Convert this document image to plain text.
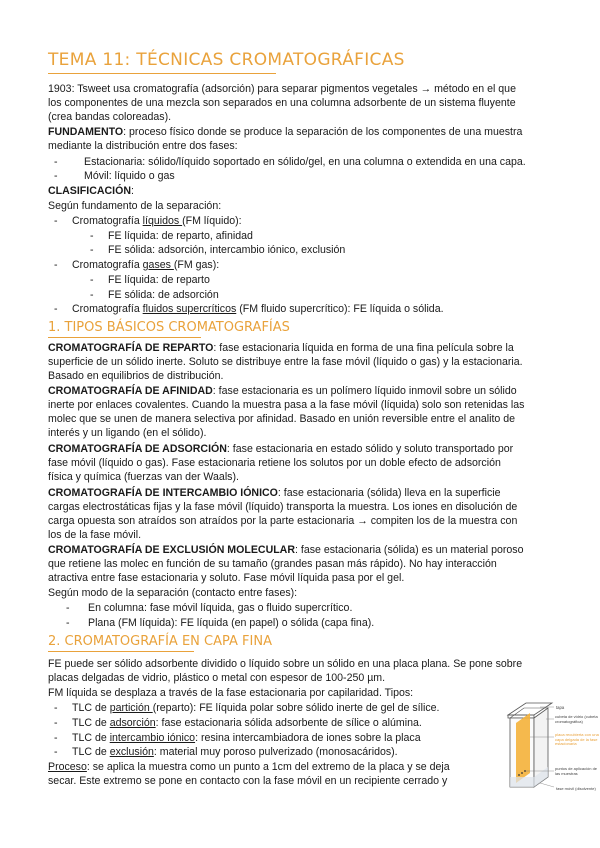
TEMA 11: TÉCNICAS CROMATOGRÁFICAS
1903: Tsweet usa cromatografía (adsorción) para separar pigmentos vegetales → método en el que
los componentes de una mezcla son separados en una columna adsorbente de un sistema fluyente
(crea bandas coloreadas).
FUNDAMENTO: proceso físico donde se produce la separación de los componentes de una muestra
mediante la distribución entre dos fases:
- Estacionaria: sólido/líquido soportado en sólido/gel, en una columna o extendida en una capa.
- Móvil: líquido o gas
CLASIFICACIÓN:
Según fundamento de la separación:
- Cromatografía líquidos (FM líquido):
- FE líquida: de reparto, afinidad
- FE sólida: adsorción, intercambio iónico, exclusión
- Cromatografía gases (FM gas):
- FE líquida: de reparto
- FE sólida: de adsorción
- Cromatografía fluidos supercríticos (FM fluido supercrítico): FE líquida o sólida.
1. TIPOS BÁSICOS CROMATOGRAFÍAS
CROMATOGRAFÍA DE REPARTO: fase estacionaria líquida en forma de una fina película sobre la
superficie de un sólido inerte. Soluto se distribuye entre la fase móvil (líquido o gas) y la estacionaria.
Basado en equilibrios de distribución.
CROMATOGRAFÍA DE AFINIDAD: fase estacionaria es un polímero líquido inmovil sobre un sólido
inerte por enlaces covalentes. Cuando la muestra pasa a la fase móvil (líquida) solo son retenidas las
molec que se unen de manera selectiva por afinidad. Basado en unión reversible entre el analito de
interés y un ligando (en el sólido).
CROMATOGRAFÍA DE ADSORCIÓN: fase estacionaria en estado sólido y soluto transportado por
fase móvil (líquido o gas). Fase estacionaria retiene los solutos por un doble efecto de adsorción
física y química (fuerzas van der Waals).
CROMATOGRAFÍA DE INTERCAMBIO IÓNICO: fase estacionaria (sólida) lleva en la superficie
cargas electrostáticas fijas y la fase móvil (líquido) transporta la muestra. Los iones en disolución de
carga opuesta son atraídos son atraídos por la parte estacionaria → compiten los de la muestra con
los de la fase móvil.
CROMATOGRAFÍA DE EXCLUSIÓN MOLECULAR: fase estacionaria (sólida) es un material poroso
que retiene las molec en función de su tamaño (grandes pasan más rápido). No hay interacción
atractiva entre fase estacionaria y soluto. Fase móvil líquida pasa por el gel.
Según modo de la separación (contacto entre fases):
- En columna: fase móvil líquida, gas o fluido supercrítico.
- Plana (FM líquida): FE líquida (en papel) o sólida (capa fina).
2. CROMATOGRAFÍA EN CAPA FINA
FE puede ser sólido adsorbente dividido o líquido sobre un sólido en una placa plana. Se pone sobre
placas delgadas de vidrio, plástico o metal con espesor de 100-250 µm.
FM líquida se desplaza a través de la fase estacionaria por capilaridad. Tipos:
- TLC de partición (reparto): FE líquida polar sobre sólido inerte de gel de sílice.
- TLC de adsorción: fase estacionaria sólida adsorbente de sílice o alúmina.
- TLC de intercambio iónico: resina intercambiadora de iones sobre la placa
- TLC de exclusión: material muy poroso pulverizado (monosacáridos).
Proceso: se aplica la muestra como un punto a 1cm del extremo de la placa y se deja
secar. Este extremo se pone en contacto con la fase móvil en un recipiente cerrado y
tapa
cubeta de vidrio (cubeta cromatográfica)
placa recubierta con una capa delgada de la fase estacionaria
puntos de aplicación de las muestras
fase móvil (disolvente)
